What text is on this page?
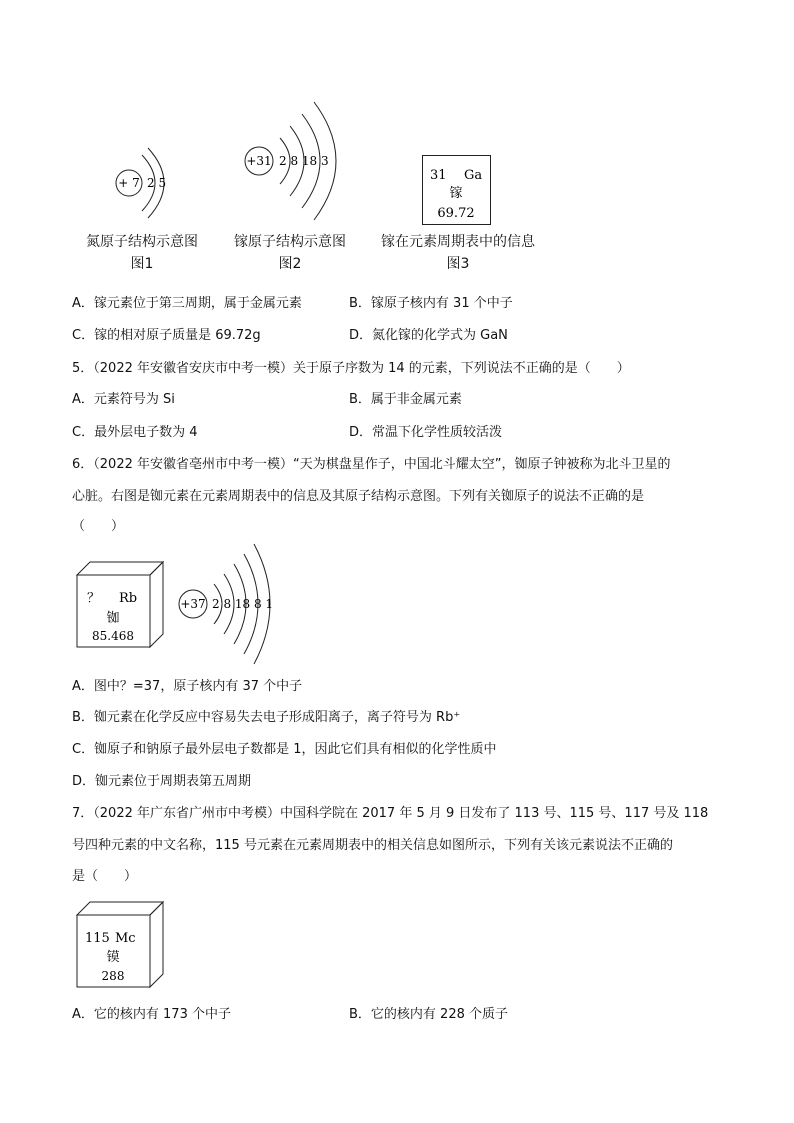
+ 7 2 5
氮原子结构示意图
图1
+31 2 8 18 3
镓原子结构示意图
图2
31 Ga
镓
69.72
镓在元素周期表中的信息
图3
A．镓元素位于第三周期，属于金属元素	B．镓原子核内有 31 个中子
C．镓的相对原子质量是 69.72g	D．氮化镓的化学式为 GaN
5．（2022 年安徽省安庆市中考一模）关于原子序数为 14 的元素，下列说法不正确的是（　　）
A．元素符号为 Si	B．属于非金属元素
C．最外层电子数为 4	D．常温下化学性质较活泼
6．（2022 年安徽省亳州市中考一模）“天为棋盘星作子，中国北斗耀太空”，铷原子钟被称为北斗卫星的
心脏。右图是铷元素在元素周期表中的信息及其原子结构示意图。下列有关铷原子的说法不正确的是
（　　）
？ Rb
铷
85.468
+37 2 8 18 8 1
A．图中？=37，原子核内有 37 个中子
B．铷元素在化学反应中容易失去电子形成阳离子，离子符号为 Rb⁺
C．铷原子和钠原子最外层电子数都是 1，因此它们具有相似的化学性质中
D．铷元素位于周期表第五周期
7．（2022 年广东省广州市中考模）中国科学院在 2017 年 5 月 9 日发布了 113 号、115 号、117 号及 118
号四种元素的中文名称，115 号元素在元素周期表中的相关信息如图所示，下列有关该元素说法不正确的
是（　　）
115 Mc
镆
288
A．它的核内有 173 个中子	B．它的核内有 228 个质子
